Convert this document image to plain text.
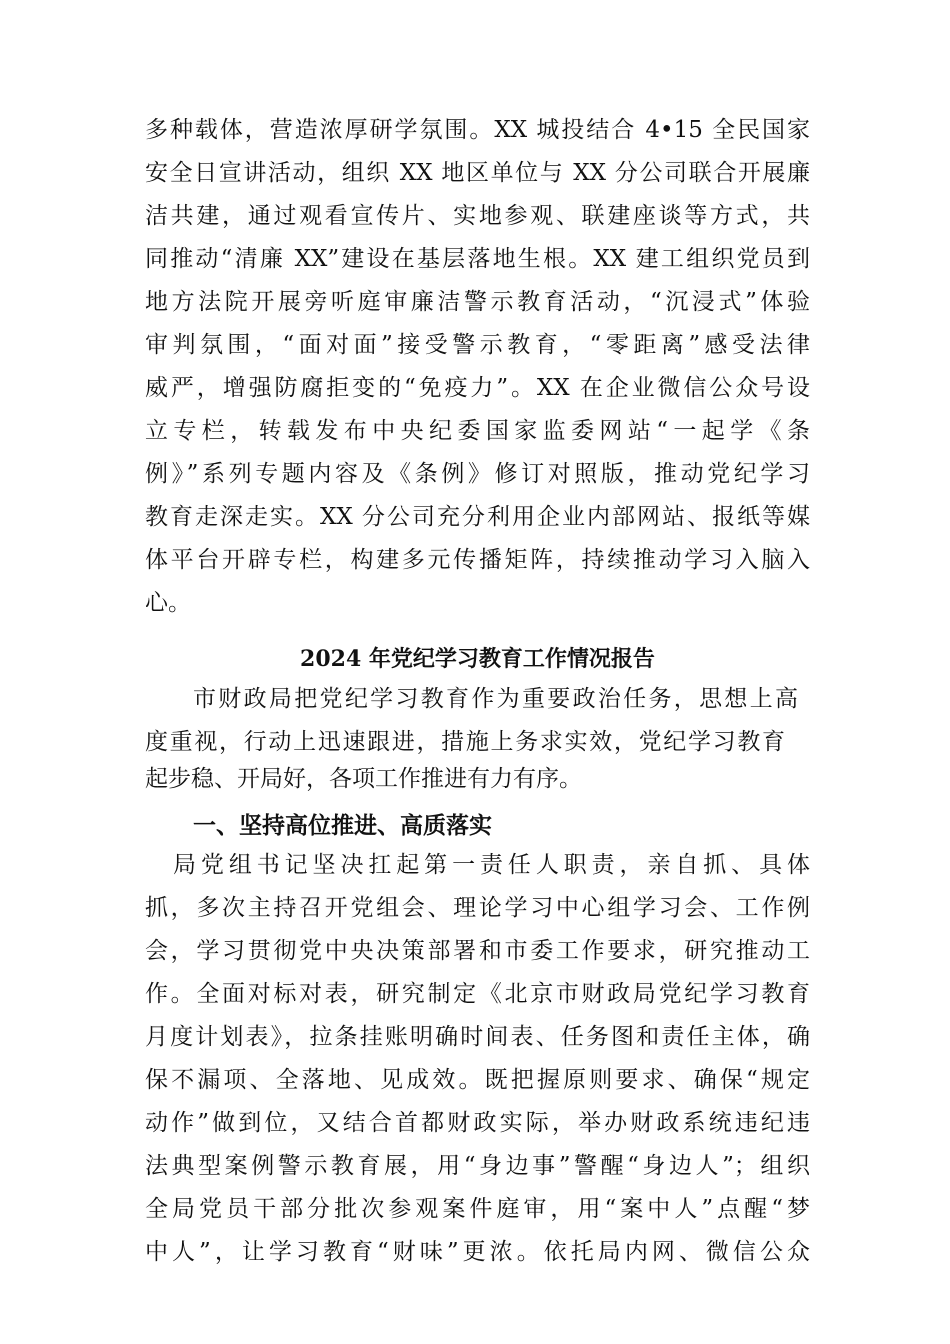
多种载体，营造浓厚研学氛围。XX 城投结合 4•15 全民国家
安全日宣讲活动，组织 XX 地区单位与 XX 分公司联合开展廉
洁共建，通过观看宣传片、实地参观、联建座谈等方式，共
同推动“清廉 XX”建设在基层落地生根。XX 建工组织党员到
地方法院开展旁听庭审廉洁警示教育活动，“沉浸式”体验
审判氛围，“面对面”接受警示教育，“零距离”感受法律
威严，增强防腐拒变的“免疫力”。XX 在企业微信公众号设
立专栏，转载发布中央纪委国家监委网站“一起学《条
例》”系列专题内容及《条例》修订对照版，推动党纪学习
教育走深走实。XX 分公司充分利用企业内部网站、报纸等媒
体平台开辟专栏，构建多元传播矩阵，持续推动学习入脑入
心。
2024 年党纪学习教育工作情况报告
市财政局把党纪学习教育作为重要政治任务，思想上高
度重视，行动上迅速跟进，措施上务求实效，党纪学习教育
起步稳、开局好，各项工作推进有力有序。
一、坚持高位推进、高质落实
局党组书记坚决扛起第一责任人职责，亲自抓、具体
抓，多次主持召开党组会、理论学习中心组学习会、工作例
会，学习贯彻党中央决策部署和市委工作要求，研究推动工
作。全面对标对表，研究制定《北京市财政局党纪学习教育
月度计划表》，拉条挂账明确时间表、任务图和责任主体，确
保不漏项、全落地、见成效。既把握原则要求、确保“规定
动作”做到位，又结合首都财政实际，举办财政系统违纪违
法典型案例警示教育展，用“身边事”警醒“身边人”；组织
全局党员干部分批次参观案件庭审，用“案中人”点醒“梦
中人”，让学习教育“财味”更浓。依托局内网、微信公众
